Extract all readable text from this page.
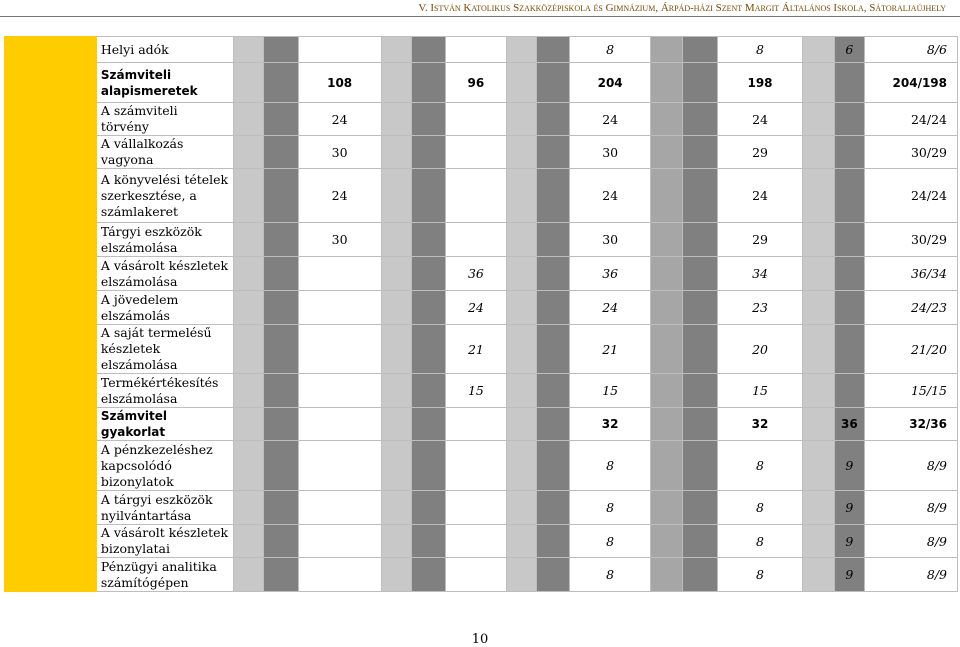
V. István Katolikus Szakközépiskola és Gimnázium, Árpád-házi Szent Margit Általános Iskola, Sátoraljaújhely
	Helyi adók									8			8		6	8/6
	Számviteli alapismeretek			108			96			204			198			204/198
	A számviteli törvény			24						24			24			24/24
	A vállalkozás vagyona			30						30			29			30/29
	A könyvelési tételek szerkesztése, a számlakeret			24						24			24			24/24
	Tárgyi eszközök elszámolása			30						30			29			30/29
	A vásárolt készletek elszámolása						36			36			34			36/34
	A jövedelem elszámolás						24			24			23			24/23
	A saját termelésű készletek elszámolása						21			21			20			21/20
	Termékértékesítés elszámolása						15			15			15			15/15
	Számvitel gyakorlat									32			32		36	32/36
	A pénzkezeléshez kapcsolódó bizonylatok									8			8		9	8/9
	A tárgyi eszközök nyilvántartása									8			8		9	8/9
	A vásárolt készletek bizonylatai									8			8		9	8/9
	Pénzügyi analitika számítógépen									8			8		9	8/9
10
